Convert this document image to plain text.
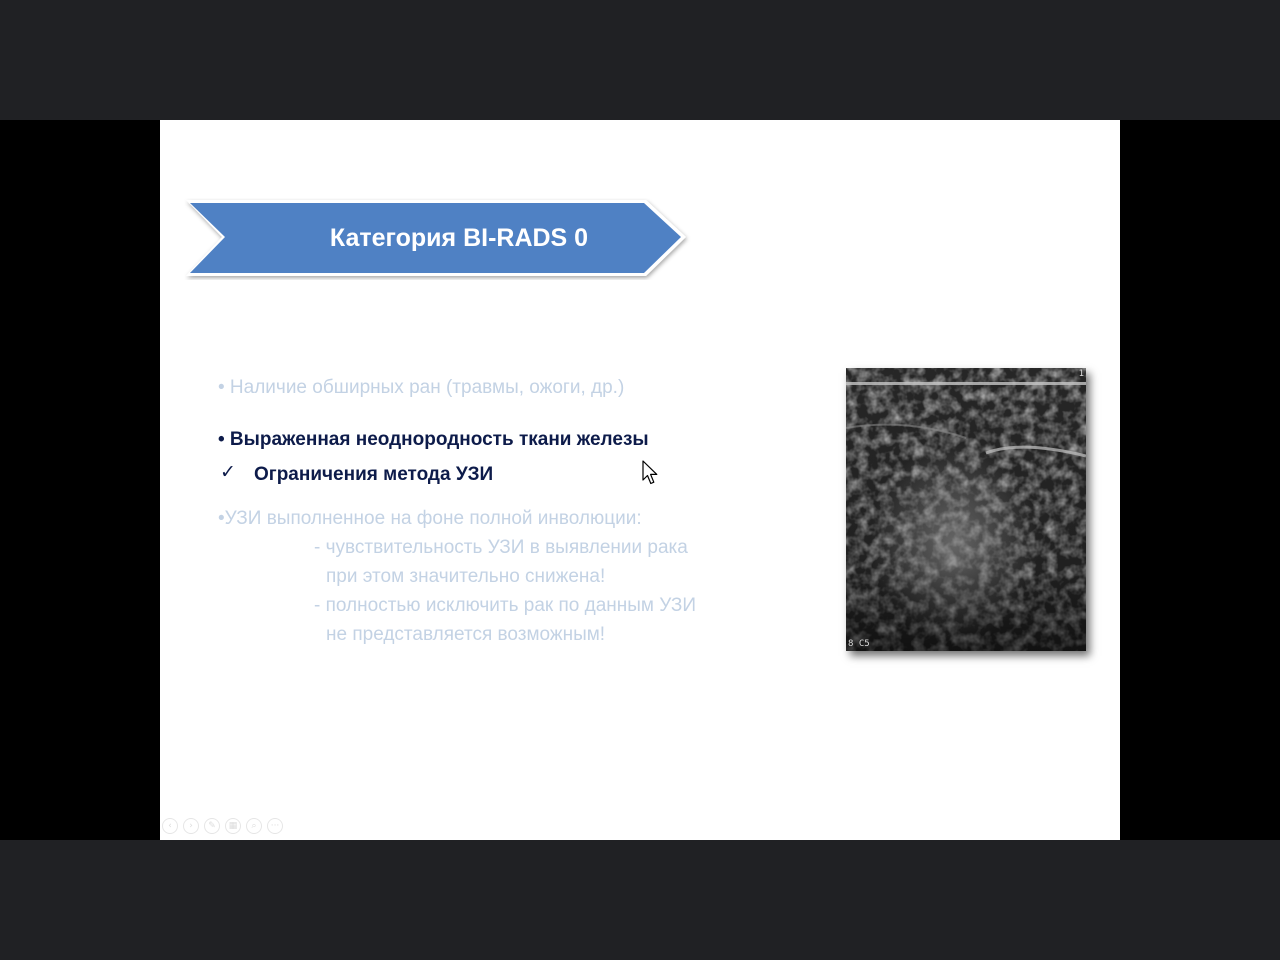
Категория BI-RADS 0
• Наличие обширных ран (травмы, ожоги, др.)
• Выраженная неоднородность ткани железы
✓ Ограничения метода УЗИ
•УЗИ выполненное на фоне полной инволюции:
- чувствительность УЗИ в выявлении рака
при этом значительно снижена!
- полностью исключить рак по данным УЗИ
не представляется возможным!
1
8 C5
‹	›	✎	▦	⌕	···
